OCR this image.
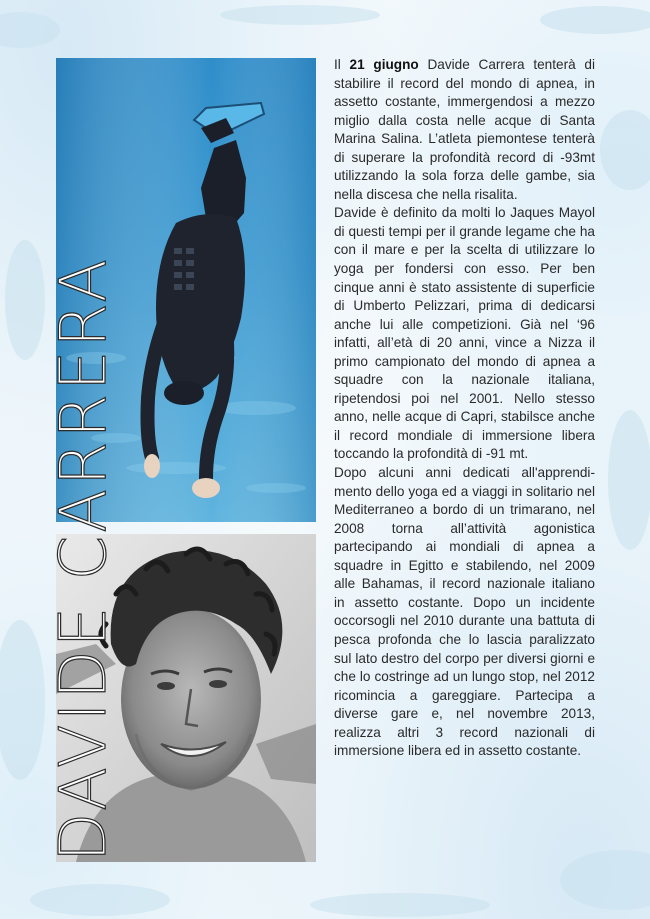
DAVIDE CARRERA

Il 21 giugno Davide Carrera tenterà di stabilire il record del mondo di apnea, in assetto costante, immergendosi a mezzo miglio dalla costa nelle acque di Santa Marina Salina. L’atleta piemontese tenterà di superare la profondità record di -93mt utilizzando la sola forza delle gambe, sia nella discesa che nella risalita.

Davide è definito da molti lo Jaques Mayol di questi tempi per il grande legame che ha con il mare e per la scelta di utilizzare lo yoga per fondersi con esso. Per ben cinque anni è stato assistente di superficie di Umberto Pelizzari, prima di dedicarsi anche lui alle competizioni. Già nel ‘96 infatti, all’età di 20 anni, vince a Nizza il primo campionato del mondo di apnea a squadre con la nazionale italiana, ripetendosi poi nel 2001. Nello stesso anno, nelle acque di Capri, stabilsce anche il record mondiale di immersione libera toccando la profondità di -91 mt.

Dopo alcuni anni dedicati all'apprendimento dello yoga ed a viaggi in solitario nel Mediterraneo a bordo di un trimarano, nel 2008 torna all’attività agonistica partecipando ai mondiali di apnea a squadre in Egitto e stabilendo, nel 2009 alle Bahamas, il record nazionale italiano in assetto costante. Dopo un incidente occorsogli nel 2010 durante una battuta di pesca profonda che lo lascia paralizzato sul lato destro del corpo per diversi giorni e che lo costringe ad un lungo stop, nel 2012 ricomincia a gareggiare. Partecipa a diverse gare e, nel novembre 2013, realizza altri 3 record nazionali di immersione libera ed in assetto costante.
